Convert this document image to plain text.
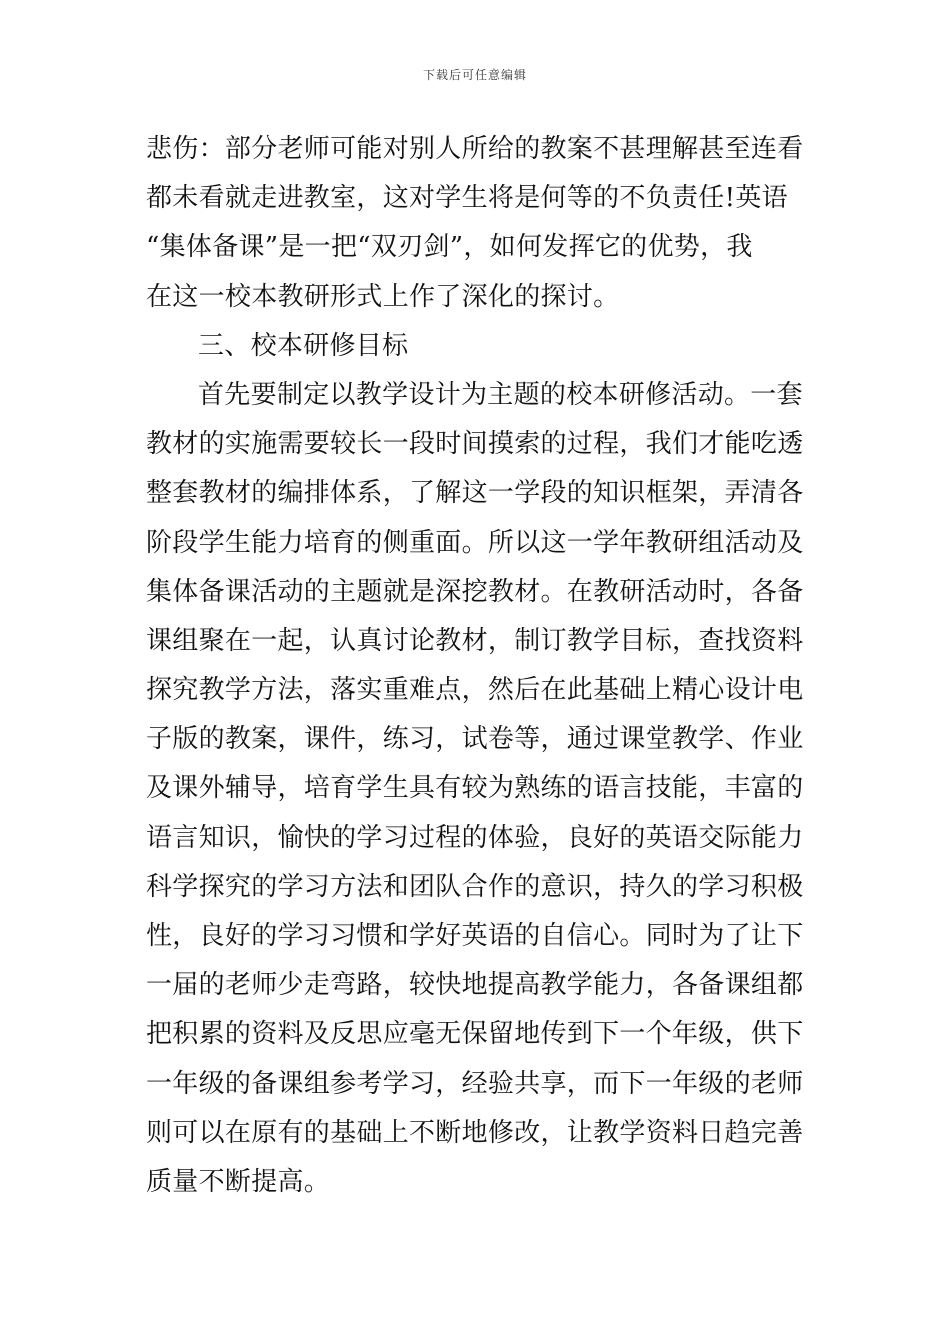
下载后可任意编辑
悲伤：部分老师可能对别人所给的教案不甚理解甚至连看
都未看就走进教室，这对学生将是何等的不负责任!英语
“集体备课”是一把“双刃剑”，如何发挥它的优势，我
在这一校本教研形式上作了深化的探讨。
三、校本研修目标
首先要制定以教学设计为主题的校本研修活动。一套
教材的实施需要较长一段时间摸索的过程，我们才能吃透
整套教材的编排体系，了解这一学段的知识框架，弄清各
阶段学生能力培育的侧重面。所以这一学年教研组活动及
集体备课活动的主题就是深挖教材。在教研活动时，各备
课组聚在一起，认真讨论教材，制订教学目标，查找资料
探究教学方法，落实重难点，然后在此基础上精心设计电
子版的教案，课件，练习，试卷等，通过课堂教学、作业
及课外辅导，培育学生具有较为熟练的语言技能，丰富的
语言知识，愉快的学习过程的体验，良好的英语交际能力
科学探究的学习方法和团队合作的意识，持久的学习积极
性，良好的学习习惯和学好英语的自信心。同时为了让下
一届的老师少走弯路，较快地提高教学能力，各备课组都
把积累的资料及反思应毫无保留地传到下一个年级，供下
一年级的备课组参考学习，经验共享，而下一年级的老师
则可以在原有的基础上不断地修改，让教学资料日趋完善
质量不断提高。
